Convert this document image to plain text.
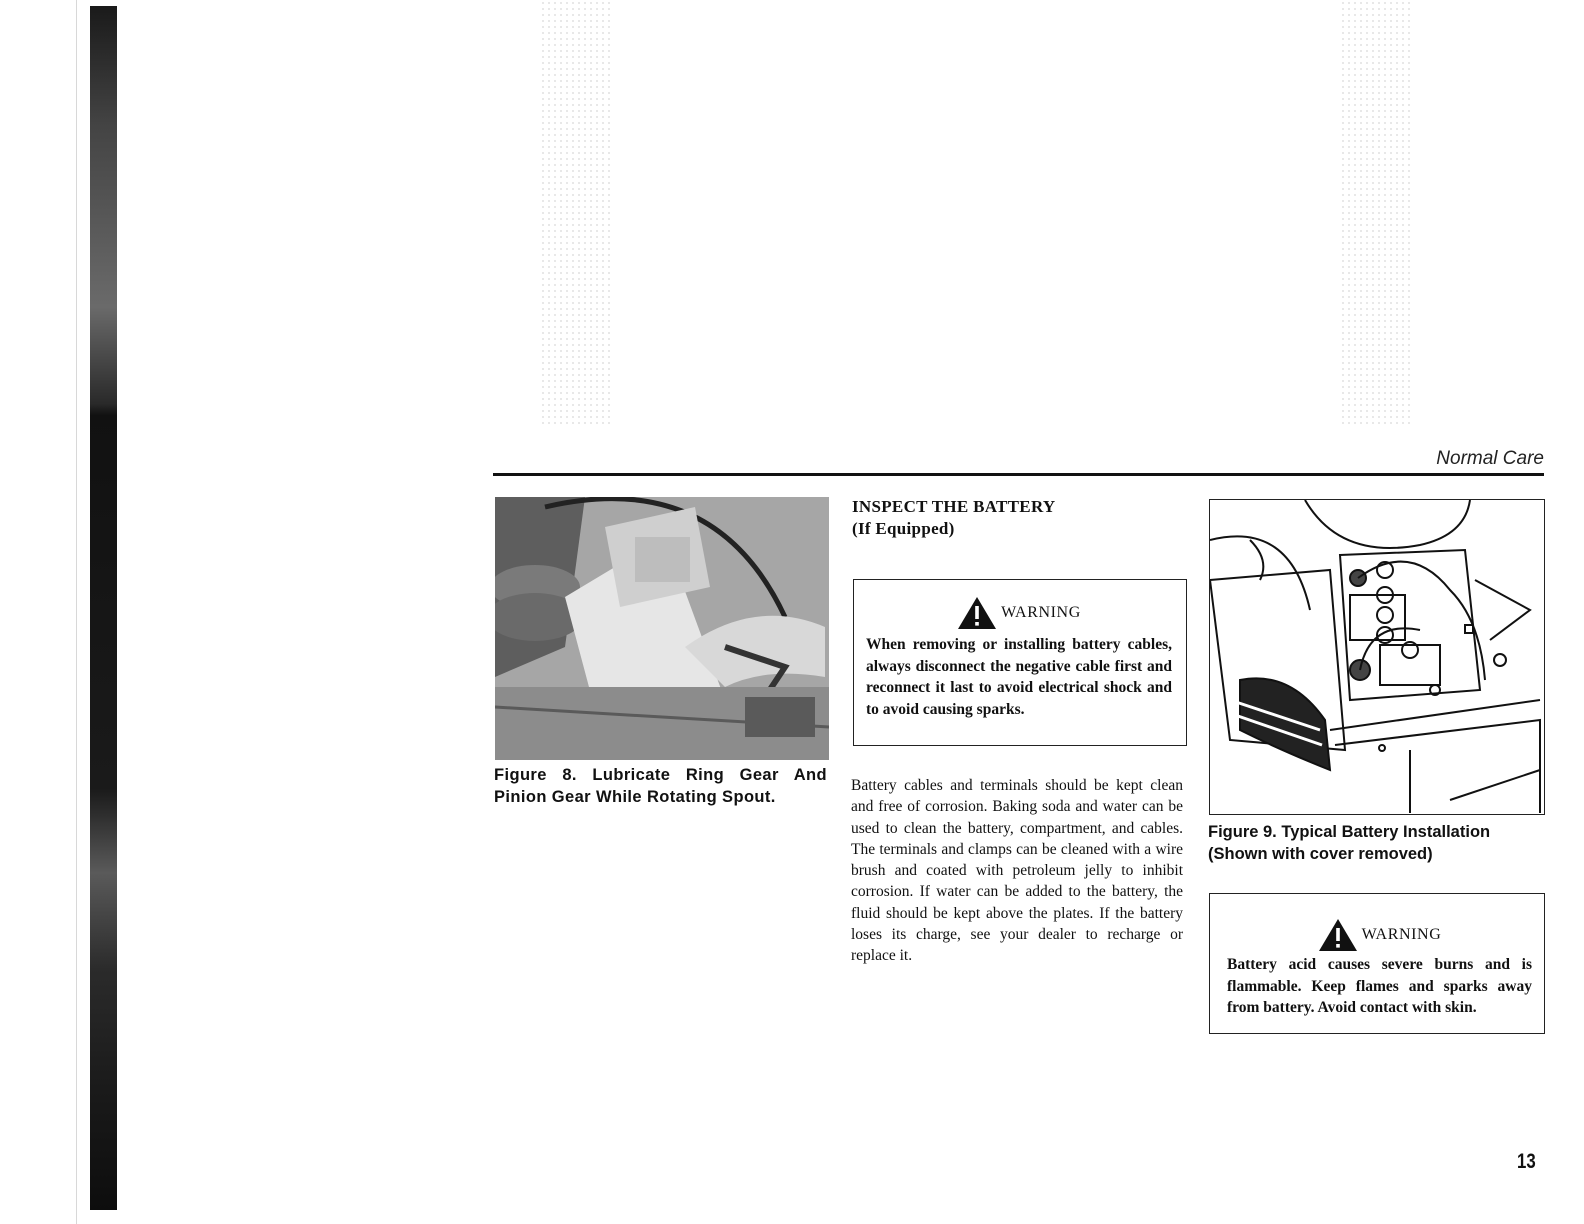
Normal Care

Figure 8. Lubricate Ring Gear And Pinion Gear While Rotating Spout.

INSPECT THE BATTERY
(If Equipped)
WARNING

When removing or installing battery cables, always disconnect the negative cable first and reconnect it last to avoid electrical shock and to avoid causing sparks.

Battery cables and terminals should be kept clean and free of corrosion. Baking soda and water can be used to clean the battery, compartment, and cables. The terminals and clamps can be cleaned with a wire brush and coated with petroleum jelly to inhibit corrosion. If water can be added to the battery, the fluid should be kept above the plates. If the battery loses its charge, see your dealer to recharge or replace it.

Figure 9. Typical Battery Installation
(Shown with cover removed)
WARNING

Battery acid causes severe burns and is flammable. Keep flames and sparks away from battery. Avoid contact with skin.

13
